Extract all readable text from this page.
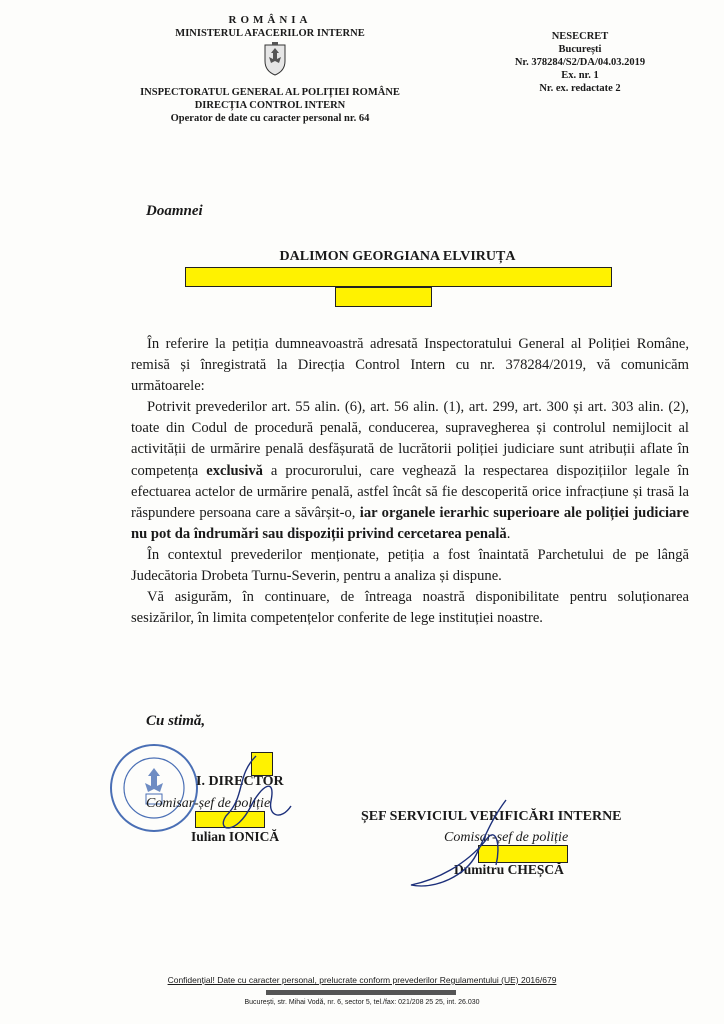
ROMÂNIA
MINISTERUL AFACERILOR INTERNE
INSPECTORATUL GENERAL AL POLIȚIEI ROMÂNE
DIRECȚIA CONTROL INTERN
Operator de date cu caracter personal nr. 64
NESECRET
București
Nr. 378284/S2/DA/04.03.2019
Ex. nr. 1
Nr. ex. redactate 2
Doamnei
DALIMON GEORGIANA ELVIRUȚA

În referire la petiția dumneavoastră adresată Inspectoratului General al Poliției Române, remisă și înregistrată la Direcția Control Intern cu nr. 378284/2019, vă comunicăm următoarele:

Potrivit prevederilor art. 55 alin. (6), art. 56 alin. (1), art. 299, art. 300 și art. 303 alin. (2), toate din Codul de procedură penală, conducerea, supravegherea și controlul nemijlocit al activității de urmărire penală desfășurată de lucrătorii poliției judiciare sunt atribuții aflate în competența exclusivă a procurorului, care veghează la respectarea dispozițiilor legale în efectuarea actelor de urmărire penală, astfel încât să fie descoperită orice infracțiune și trasă la răspundere persoana care a săvârșit-o, iar organele ierarhic superioare ale poliției judiciare nu pot da îndrumări sau dispoziții privind cercetarea penală.

În contextul prevederilor menționate, petiția a fost înaintată Parchetului de pe lângă Judecătoria Drobeta Turnu-Severin, pentru a analiza și dispune.

Vă asigurăm, în continuare, de întreaga noastră disponibilitate pentru soluționarea sesizărilor, în limita competențelor conferite de lege instituției noastre.

Cu stimă,
I. DIRECTOR
Comisar-șef de poliție
Iulian IONICĂ
ȘEF SERVICIUL VERIFICĂRI INTERNE
Comisar-șef de poliție
Dumitru CHEȘCĂ
Confidențial! Date cu caracter personal, prelucrate conform prevederilor Regulamentului (UE) 2016/679
București, str. Mihai Vodă, nr. 6, sector 5, tel./fax: 021/208 25 25, int. 26.030
